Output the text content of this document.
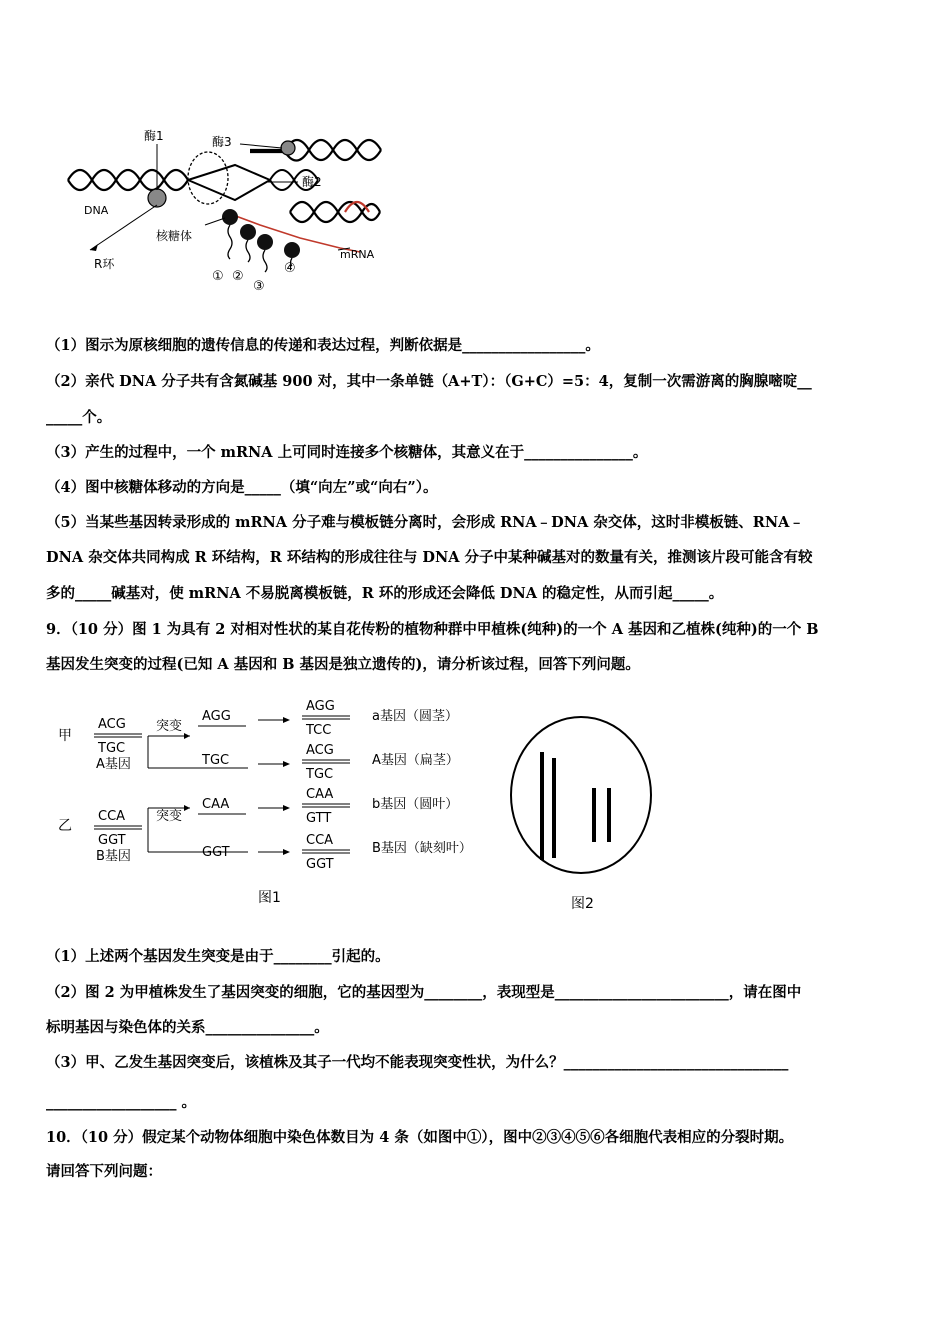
酶1	酶3
酶2
DNA
核糖体
R环
mRNA
① ②
③
④
（1）图示为原核细胞的遗传信息的传递和表达过程，判断依据是_________________。
（2）亲代 DNA 分子共有含氮碱基 900 对，其中一条单链（A+T）：（G+C）=5：4，复制一次需游离的胸腺嘧啶__
_____个。
（3）产生的过程中，一个 mRNA 上可同时连接多个核糖体，其意义在于_______________。
（4）图中核糖体移动的方向是_____（填“向左”或“向右”）。
（5）当某些基因转录形成的 mRNA 分子难与模板链分离时，会形成 RNA﹣DNA 杂交体，这时非模板链、RNA﹣
DNA 杂交体共同构成 R 环结构，R 环结构的形成往往与 DNA 分子中某种碱基对的数量有关，推测该片段可能含有较
多的_____碱基对，使 mRNA 不易脱离模板链，R 环的形成还会降低 DNA 的稳定性，从而引起_____。
9．（10 分）图 1 为具有 2 对相对性状的某自花传粉的植物种群中甲植株(纯种)的一个 A 基因和乙植株(纯种)的一个 B
基因发生突变的过程(已知 A 基因和 B 基因是独立遗传的)，请分析该过程，回答下列问题。
甲
乙
ACG
TGC
A基因
突变
AGG
AGG
TCC
a基因（圆茎）
TGC
ACG
TGC
A基因（扁茎）
CCA
GGT
B基因
突变
CAA
CAA
GTT
b基因（圆叶）
GGT
CCA
GGT
B基因（缺刻叶）
图1	图2
（1）上述两个基因发生突变是由于________引起的。
（2）图 2 为甲植株发生了基因突变的细胞，它的基因型为________，表现型是________________________，请在图中
标明基因与染色体的关系_______________。
（3）甲、乙发生基因突变后，该植株及其子一代均不能表现突变性状，为什么？_______________________________
__________________ 。
10．（10 分）假定某个动物体细胞中染色体数目为 4 条（如图中①），图中②③④⑤⑥各细胞代表相应的分裂时期。
请回答下列问题：
